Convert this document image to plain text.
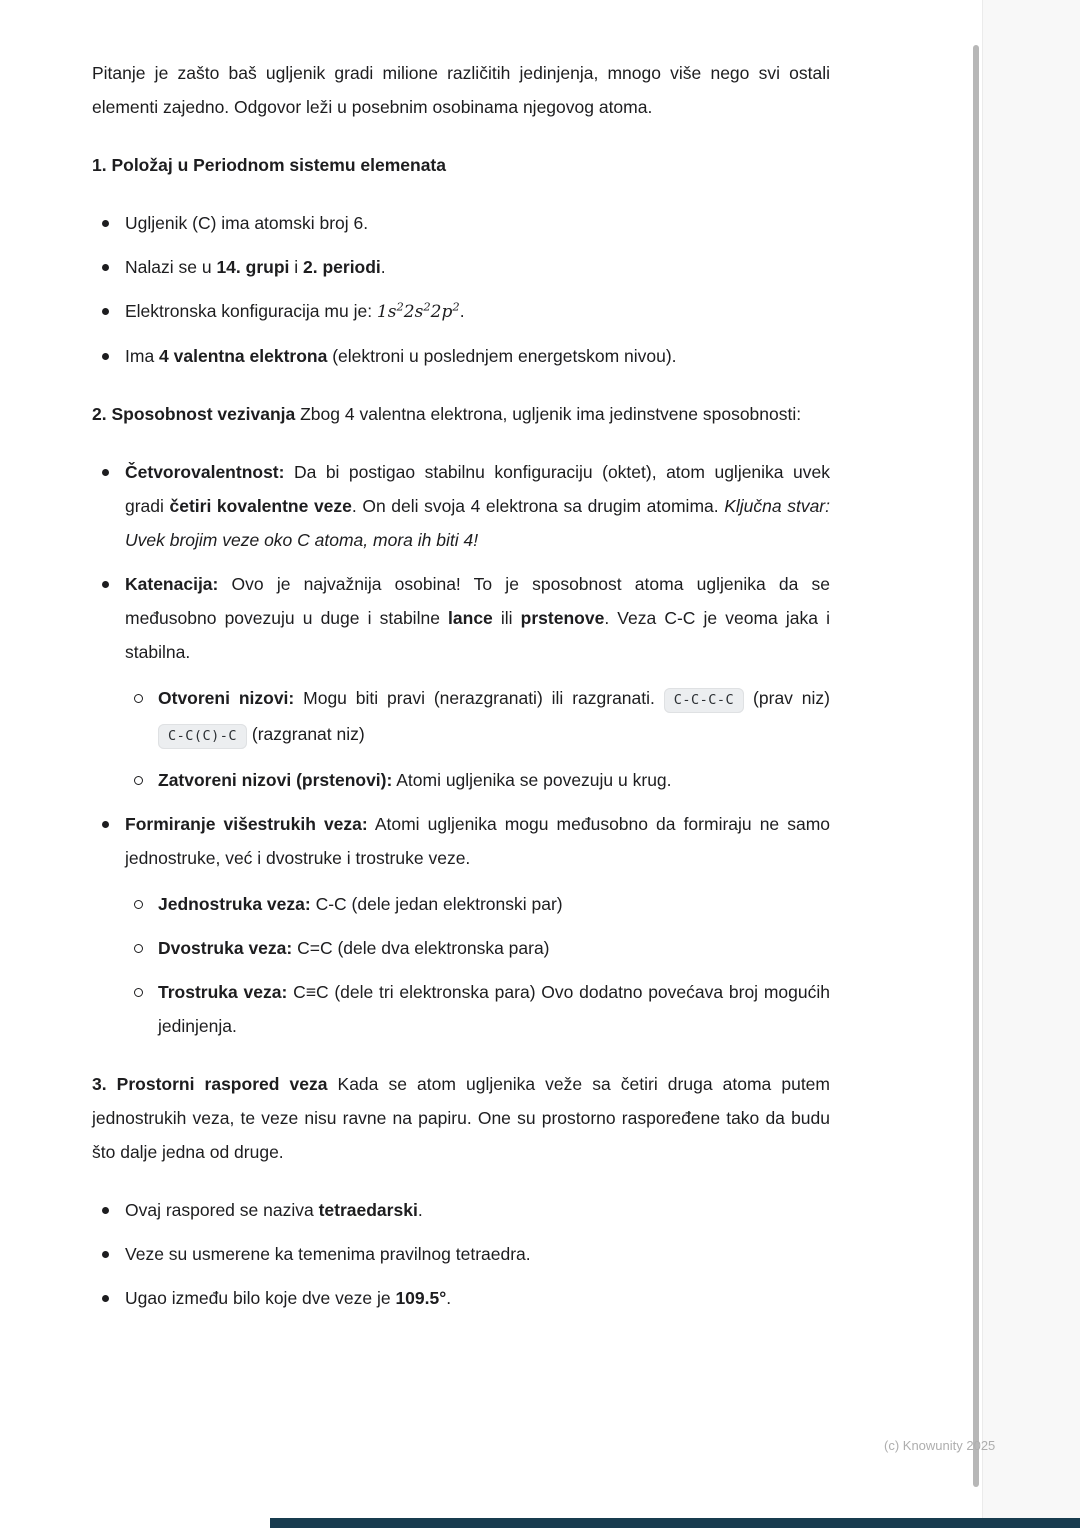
Pitanje je zašto baš ugljenik gradi milione različitih jedinjenja, mnogo više nego svi ostali elementi zajedno. Odgovor leži u posebnim osobinama njegovog atoma.

1. Položaj u Periodnom sistemu elemenata

Ugljenik (C) ima atomski broj 6.
Nalazi se u 14. grupi i 2. periodi.
Elektronska konfiguracija mu je: $1s^22s^22p^2$.
Ima 4 valentna elektrona (elektroni u poslednjem energetskom nivou).

2. Sposobnost vezivanja Zbog 4 valentna elektrona, ugljenik ima jedinstvene sposobnosti:

Četvorovalentnost: Da bi postigao stabilnu konfiguraciju (oktet), atom ugljenika uvek gradi četiri kovalentne veze. On deli svoja 4 elektrona sa drugim atomima. Ključna stvar: Uvek brojim veze oko C atoma, mora ih biti 4!
Katenacija: Ovo je najvažnija osobina! To je sposobnost atoma ugljenika da se međusobno povezuju u duge i stabilne lance ili prstenove. Veza C-C je veoma jaka i stabilna.
Otvoreni nizovi: Mogu biti pravi (nerazgranati) ili razgranati. C-C-C-C (prav niz) C-C(C)-C (razgranat niz)
Zatvoreni nizovi (prstenovi): Atomi ugljenika se povezuju u krug.
Formiranje višestrukih veza: Atomi ugljenika mogu međusobno da formiraju ne samo jednostruke, već i dvostruke i trostruke veze.
Jednostruka veza: C-C (dele jedan elektronski par)
Dvostruka veza: C=C (dele dva elektronska para)
Trostruka veza: C≡C (dele tri elektronska para) Ovo dodatno povećava broj mogućih jedinjenja.

3. Prostorni raspored veza Kada se atom ugljenika veže sa četiri druga atoma putem jednostrukih veza, te veze nisu ravne na papiru. One su prostorno raspoređene tako da budu što dalje jedna od druge.

Ovaj raspored se naziva tetraedarski.
Veze su usmerene ka temenima pravilnog tetraedra.
Ugao između bilo koje dve veze je 109.5°.
(c) Knowunity 2025
